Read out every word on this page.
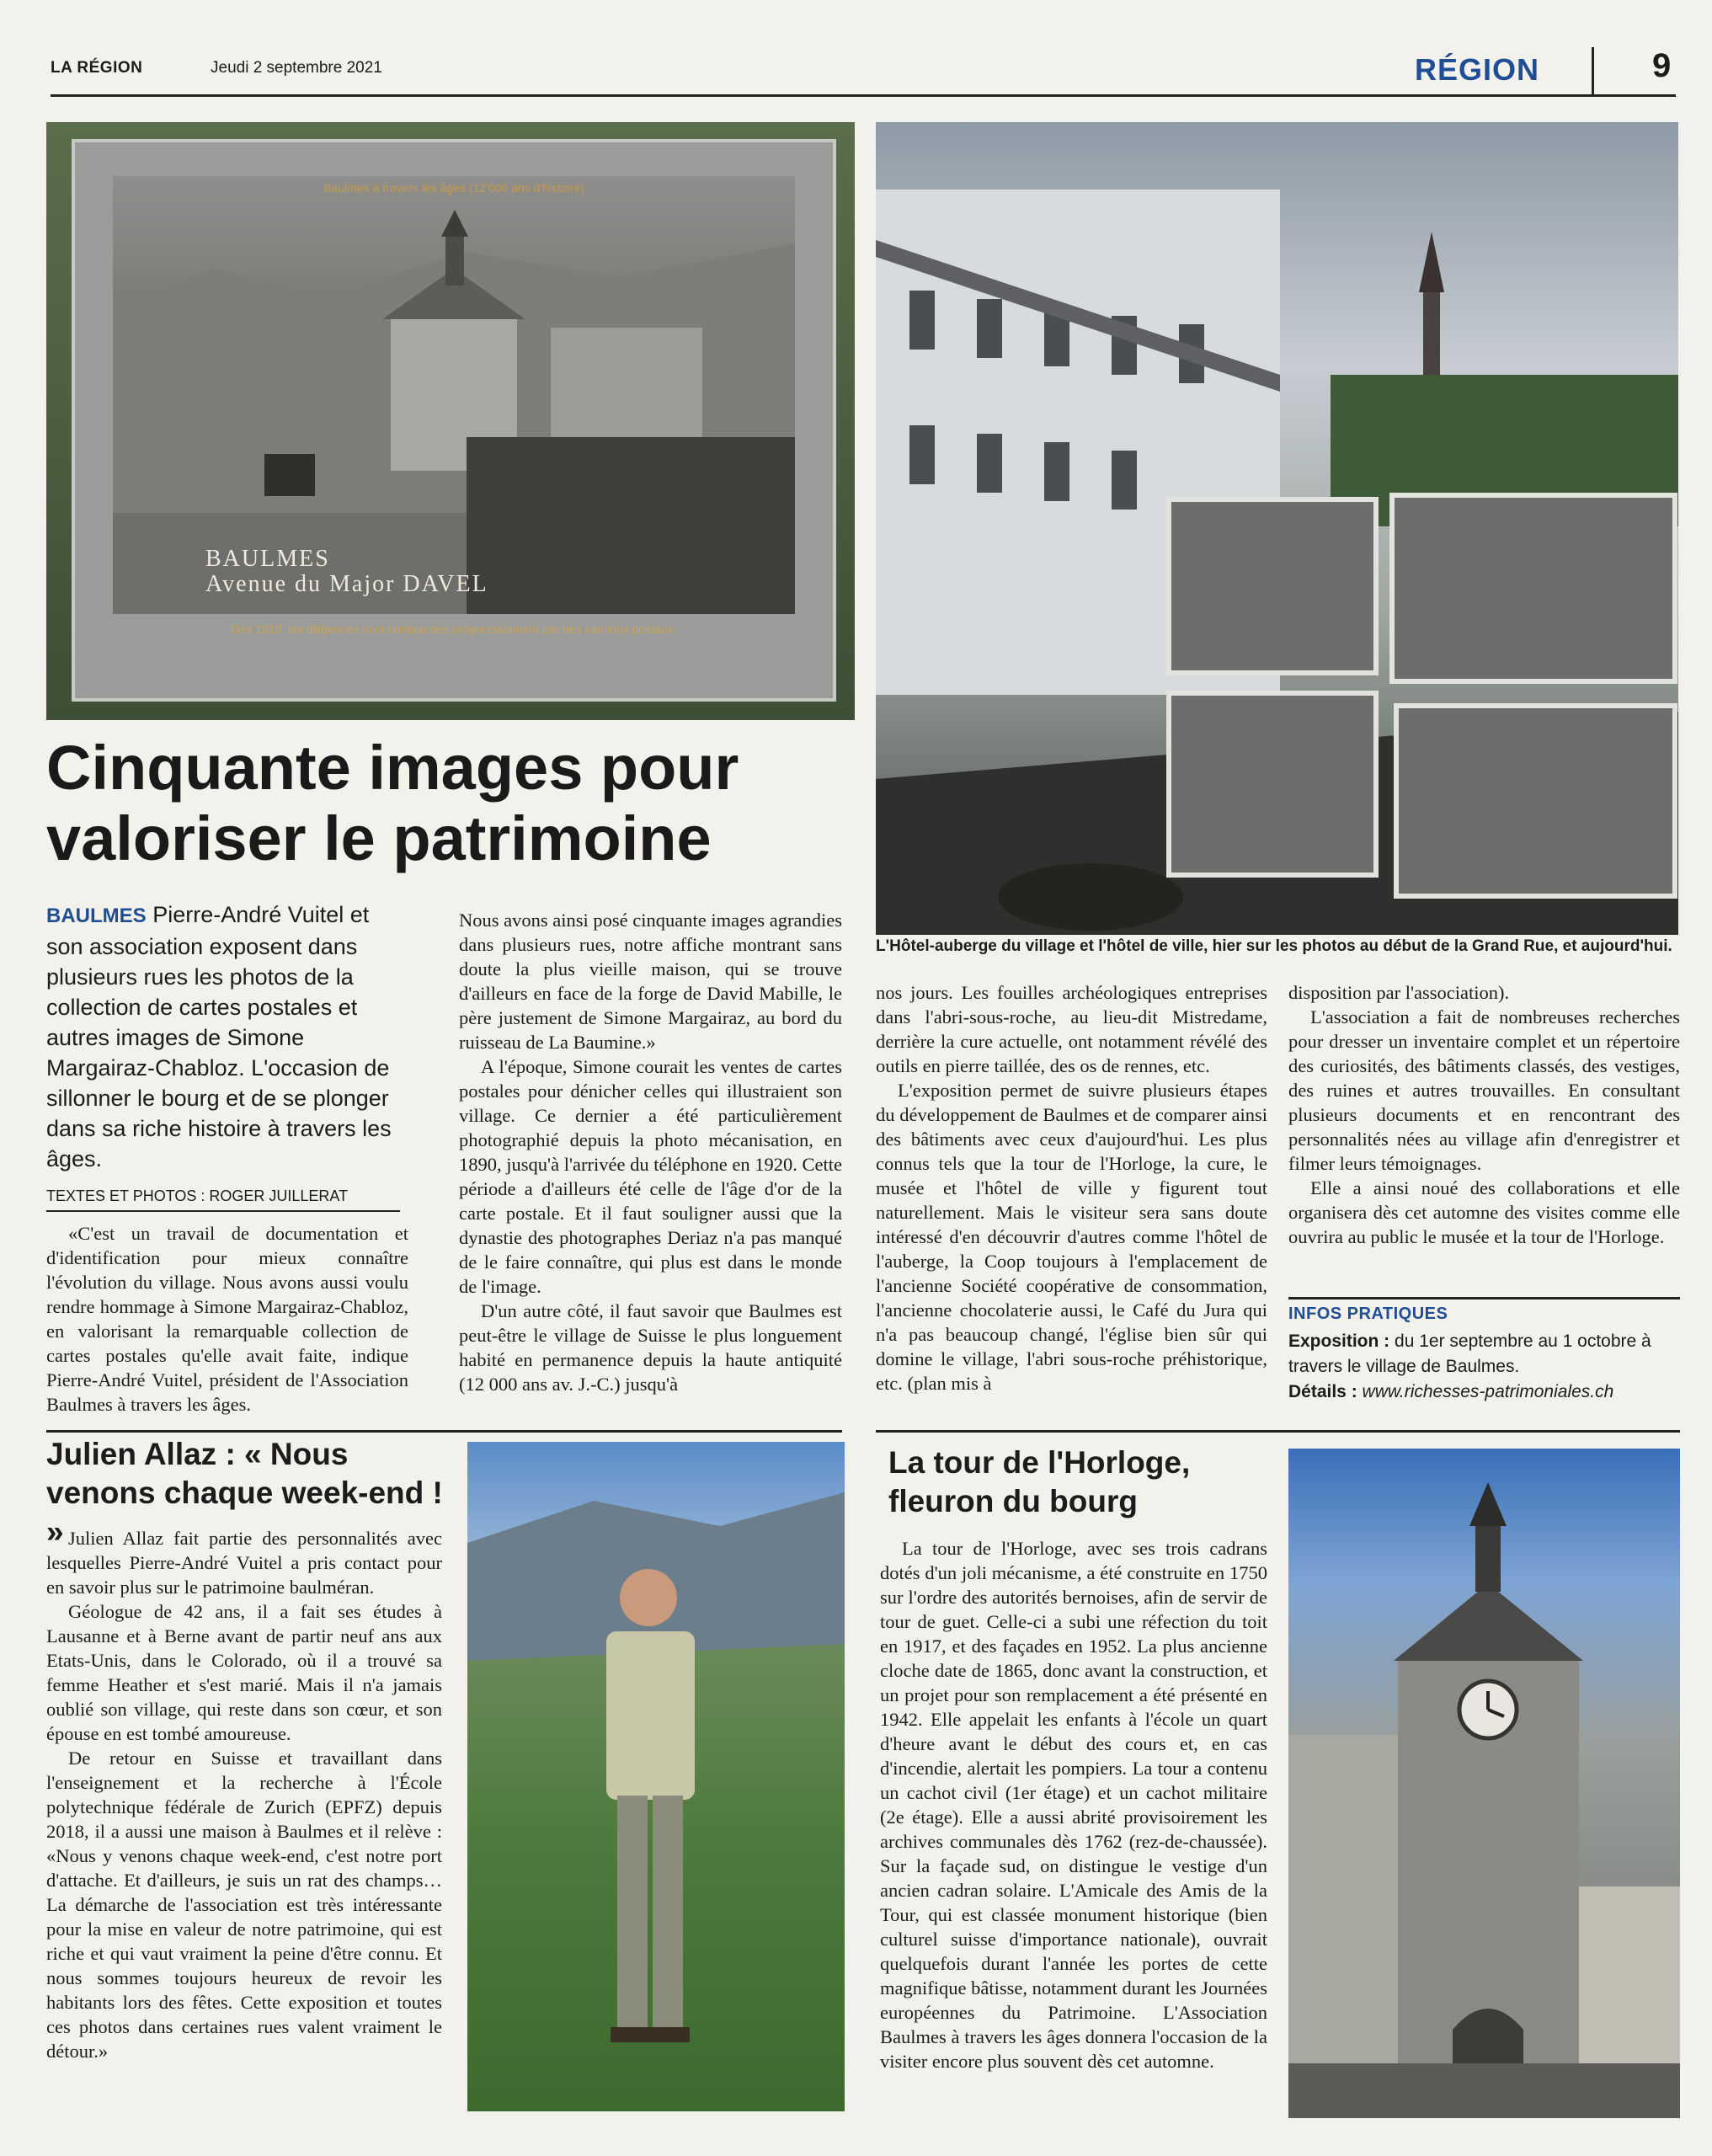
LA RÉGION	Jeudi 2 septembre 2021	RÉGION	9
Baulmes à travers les âges (12'000 ans d'histoire)
BAULMES
Avenue du Major DAVEL
Dès 1919, les diligences sont remplacées progressivement par des camions postaux.
Cinquante images pour valoriser le patrimoine
L'Hôtel-auberge du village et l'hôtel de ville, hier sur les photos au début de la Grand Rue, et aujourd'hui.
BAULMES Pierre-André Vuitel et son association exposent dans plusieurs rues les photos de la collection de cartes postales et autres images de Simone Margairaz-Chabloz. L'occasion de sillonner le bourg et de se plonger dans sa riche histoire à travers les âges.
TEXTES ET PHOTOS : ROGER JUILLERAT

«C'est un travail de documentation et d'identification pour mieux connaître l'évolution du village. Nous avons aussi voulu rendre hommage à Simone Margairaz-Chabloz, en valorisant la remarquable collection de cartes postales qu'elle avait faite, indique Pierre-André Vuitel, président de l'Association Baulmes à travers les âges.

Nous avons ainsi posé cinquante images agrandies dans plusieurs rues, notre affiche montrant sans doute la plus vieille maison, qui se trouve d'ailleurs en face de la forge de David Mabille, le père justement de Simone Margairaz, au bord du ruisseau de La Baumine.»

A l'époque, Simone courait les ventes de cartes postales pour dénicher celles qui illustraient son village. Ce dernier a été particulièrement photographié depuis la photo mécanisation, en 1890, jusqu'à l'arrivée du téléphone en 1920. Cette période a d'ailleurs été celle de l'âge d'or de la carte postale. Et il faut souligner aussi que la dynastie des photographes Deriaz n'a pas manqué de le faire connaître, qui plus est dans le monde de l'image.

D'un autre côté, il faut savoir que Baulmes est peut-être le village de Suisse le plus longuement habité en permanence depuis la haute antiquité (12 000 ans av. J.-C.) jusqu'à

nos jours. Les fouilles archéologiques entreprises dans l'abri-sous-roche, au lieu-dit Mistredame, derrière la cure actuelle, ont notamment révélé des outils en pierre taillée, des os de rennes, etc.

L'exposition permet de suivre plusieurs étapes du développement de Baulmes et de comparer ainsi des bâtiments avec ceux d'aujourd'hui. Les plus connus tels que la tour de l'Horloge, la cure, le musée et l'hôtel de ville y figurent tout naturellement. Mais le visiteur sera sans doute intéressé d'en découvrir d'autres comme l'hôtel de l'auberge, la Coop toujours à l'emplacement de l'ancienne Société coopérative de consommation, l'ancienne chocolaterie aussi, le Café du Jura qui n'a pas beaucoup changé, l'église bien sûr qui domine le village, l'abri sous-roche préhistorique, etc. (plan mis à

disposition par l'association).

L'association a fait de nombreuses recherches pour dresser un inventaire complet et un répertoire des curiosités, des bâtiments classés, des vestiges, des ruines et autres trouvailles. En consultant plusieurs documents et en rencontrant des personnalités nées au village afin d'enregistrer et filmer leurs témoignages.

Elle a ainsi noué des collaborations et elle organisera dès cet automne des visites comme elle ouvrira au public le musée et la tour de l'Horloge.

INFOS PRATIQUES
Exposition : du 1er septembre au 1 octobre à travers le village de Baulmes.
Détails : www.richesses-patrimoniales.ch
Julien Allaz : « Nous venons chaque week-end ! » Julien Allaz fait partie des personnalités avec lesquelles Pierre-André Vuitel a pris contact pour en savoir plus sur le patrimoine baulméran.

Géologue de 42 ans, il a fait ses études à Lausanne et à Berne avant de partir neuf ans aux Etats-Unis, dans le Colorado, où il a trouvé sa femme Heather et s'est marié. Mais il n'a jamais oublié son village, qui reste dans son cœur, et son épouse en est tombé amoureuse.

De retour en Suisse et travaillant dans l'enseignement et la recherche à l'École polytechnique fédérale de Zurich (EPFZ) depuis 2018, il a aussi une maison à Baulmes et il relève : «Nous y venons chaque week-end, c'est notre port d'attache. Et d'ailleurs, je suis un rat des champs… La démarche de l'association est très intéressante pour la mise en valeur de notre patrimoine, qui est riche et qui vaut vraiment la peine d'être connu. Et nous sommes toujours heureux de revoir les habitants lors des fêtes. Cette exposition et toutes ces photos dans certaines rues valent vraiment le détour.»

La tour de l'Horloge, fleuron du bourg

La tour de l'Horloge, avec ses trois cadrans dotés d'un joli mécanisme, a été construite en 1750 sur l'ordre des autorités bernoises, afin de servir de tour de guet. Celle-ci a subi une réfection du toit en 1917, et des façades en 1952. La plus ancienne cloche date de 1865, donc avant la construction, et un projet pour son remplacement a été présenté en 1942. Elle appelait les enfants à l'école un quart d'heure avant le début des cours et, en cas d'incendie, alertait les pompiers. La tour a contenu un cachot civil (1er étage) et un cachot militaire (2e étage). Elle a aussi abrité provisoirement les archives communales dès 1762 (rez-de-chaussée). Sur la façade sud, on distingue le vestige d'un ancien cadran solaire. L'Amicale des Amis de la Tour, qui est classée monument historique (bien culturel suisse d'importance nationale), ouvrait quelquefois durant l'année les portes de cette magnifique bâtisse, notamment durant les Journées européennes du Patrimoine. L'Association Baulmes à travers les âges donnera l'occasion de la visiter encore plus souvent dès cet automne.
